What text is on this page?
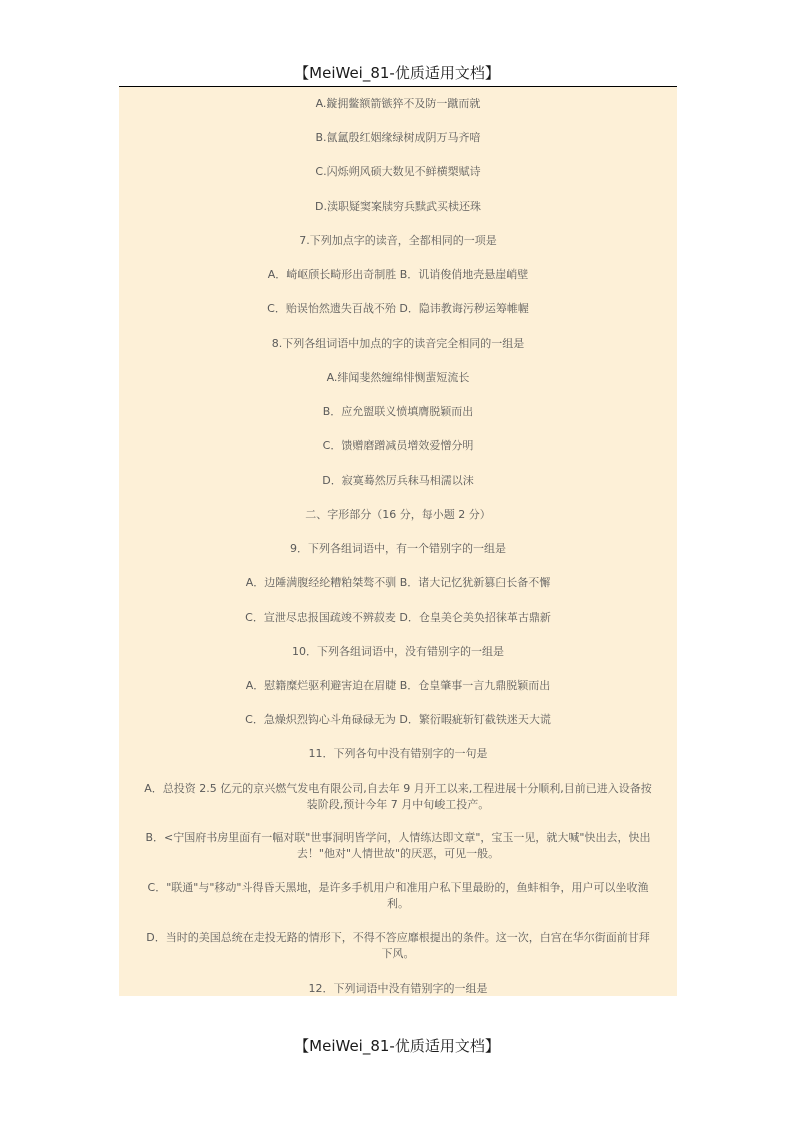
【MeiWei_81-优质适用文档】
A.鏇拥鳖额箭镞猝不及防一蹴而就
B.氤氲殷红姻缘绿树成阴万马齐喑
C.闪烁朔风硕大数见不鲜横槊赋诗
D.渎职疑窦案牍穷兵黩武买椟还珠
7.下列加点字的读音，全都相同的一项是
A．崎岖颀长畸形出奇制胜 B．讥诮俊俏地壳悬崖峭壁
C．贻误怡然遗失百战不殆 D．隐讳教诲污秽运筹帷幄
8.下列各组词语中加点的字的读音完全相同的一组是
A.绯闻斐然缠绵悱恻蜚短流长
B．应允盥联义愤填膺脱颖而出
C．馈赠磨蹭减员增效爱憎分明
D．寂寞蓦然厉兵秣马相濡以沫
二、字形部分（16 分，每小题 2 分）
9．下列各组词语中，有一个错别字的一组是
A．边陲满腹经纶糟粕桀骜不驯 B．诸大记忆犹新篡臼长备不懈
C．宣泄尽忠报国疏竣不辨菽麦 D．仓皇美仑美奂招徕革古鼎新
10．下列各组词语中，没有错别字的一组是
A．慰籍糜烂驱利避害迫在眉睫 B．仓皇肇事一言九鼎脱颖而出
C．急燥炽烈钩心斗角碌碌无为 D．繁衍暇疵斩钉截铁迷天大谎
11．下列各句中没有错别字的一句是
A．总投资 2.5 亿元的京兴燃气发电有限公司,自去年 9 月开工以来,工程进展十分顺利,目前已进入设备按装阶段,预计今年 7 月中旬峻工投产。
B．<宁国府书房里面有一幅对联"世事洞明皆学问，人情练达即文章"，宝玉一见，就大喊"快出去，快出去！"他对"人情世故"的厌恶，可见一般。
C．"联通"与"移动"斗得昏天黑地，是许多手机用户和准用户私下里最盼的，鱼蚌相争，用户可以坐收渔利。
D．当时的美国总统在走投无路的情形下，不得不答应靡根提出的条件。这一次，白宫在华尔街面前甘拜下风。
12．下列词语中没有错别字的一组是
【MeiWei_81-优质适用文档】
